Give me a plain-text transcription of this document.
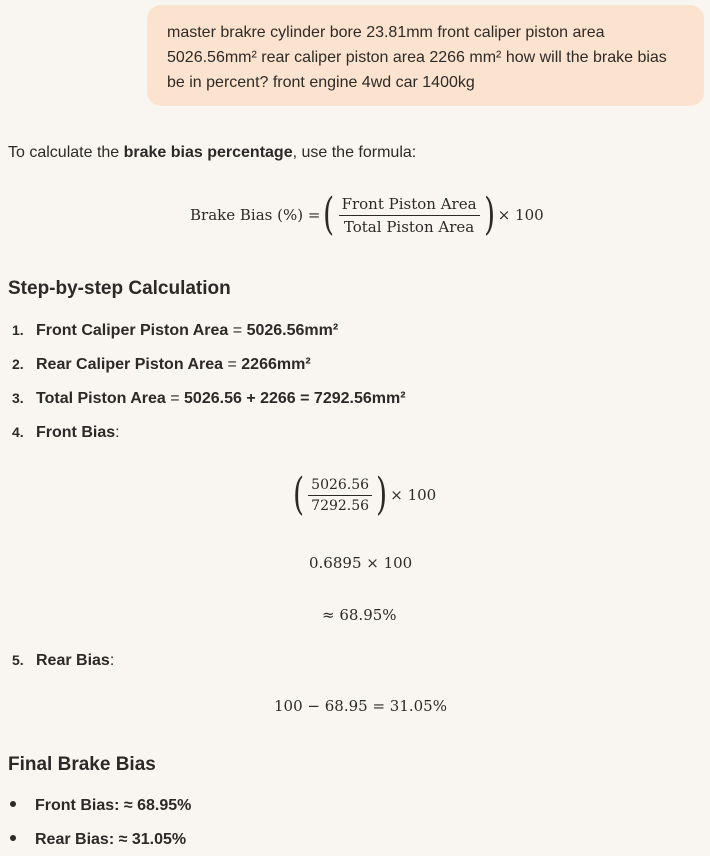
master brakre cylinder bore 23.81mm front caliper piston area 5026.56mm² rear caliper piston area 2266 mm² how will the brake bias be in percent? front engine 4wd car 1400kg
To calculate the brake bias percentage, use the formula:
Brake Bias (%) = ( $\frac{\text{Front Piston Area}}{\text{Total Piston Area}}$ ) × 100
Step-by-step Calculation
1. Front Caliper Piston Area = 5026.56mm²
2. Rear Caliper Piston Area = 2266mm²
3. Total Piston Area = 5026.56 + 2266 = 7292.56mm²
4. Front Bias:
( $\frac{5026.56}{7292.56}$ ) × 100
0.6895 × 100
≈ 68.95%
5. Rear Bias:
100 − 68.95 = 31.05%
Final Brake Bias
Front Bias: ≈ 68.95%
Rear Bias: ≈ 31.05%
